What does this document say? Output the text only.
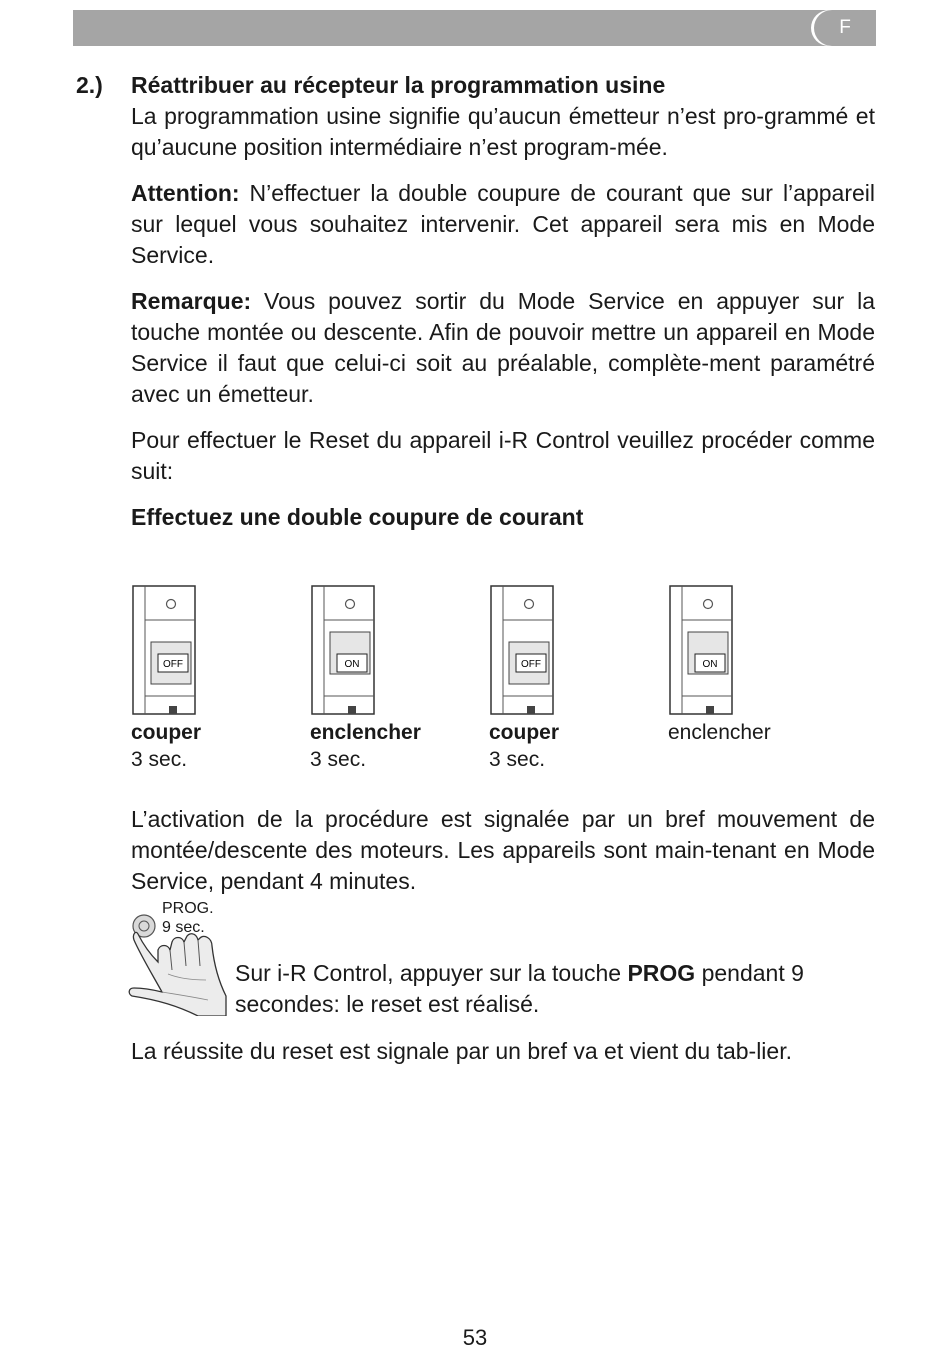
F
2.) Réattribuer au récepteur la programmation usine

La programmation usine signifie qu’aucun émetteur n’est pro-grammé et qu’aucune position intermédiaire n’est program-mée.

Attention: N’effectuer la double coupure de courant que sur l’appareil sur lequel vous souhaitez intervenir. Cet appareil sera mis en Mode Service.

Remarque: Vous pouvez sortir du Mode Service en appuyer sur la touche montée ou descente. Afin de pouvoir mettre un appareil en Mode Service il faut que celui-ci soit au préalable, complète-ment paramétré avec un émetteur.

Pour effectuer le Reset du appareil i-R Control veuillez procéder comme suit:

Effectuez une double coupure de courant

OFF
couper
3 sec.
ON
enclencher
3 sec.
OFF
couper
3 sec.
ON
enclencher

L’activation de la procédure est signalée par un bref mouvement de montée/descente des moteurs. Les appareils sont main-tenant en Mode Service, pendant 4 minutes.

PROG.
9 sec.

Sur i-R Control, appuyer sur la touche PROG pendant 9 secondes: le reset est réalisé.

La réussite du reset est signale par un bref va et vient du tab-lier.

53
